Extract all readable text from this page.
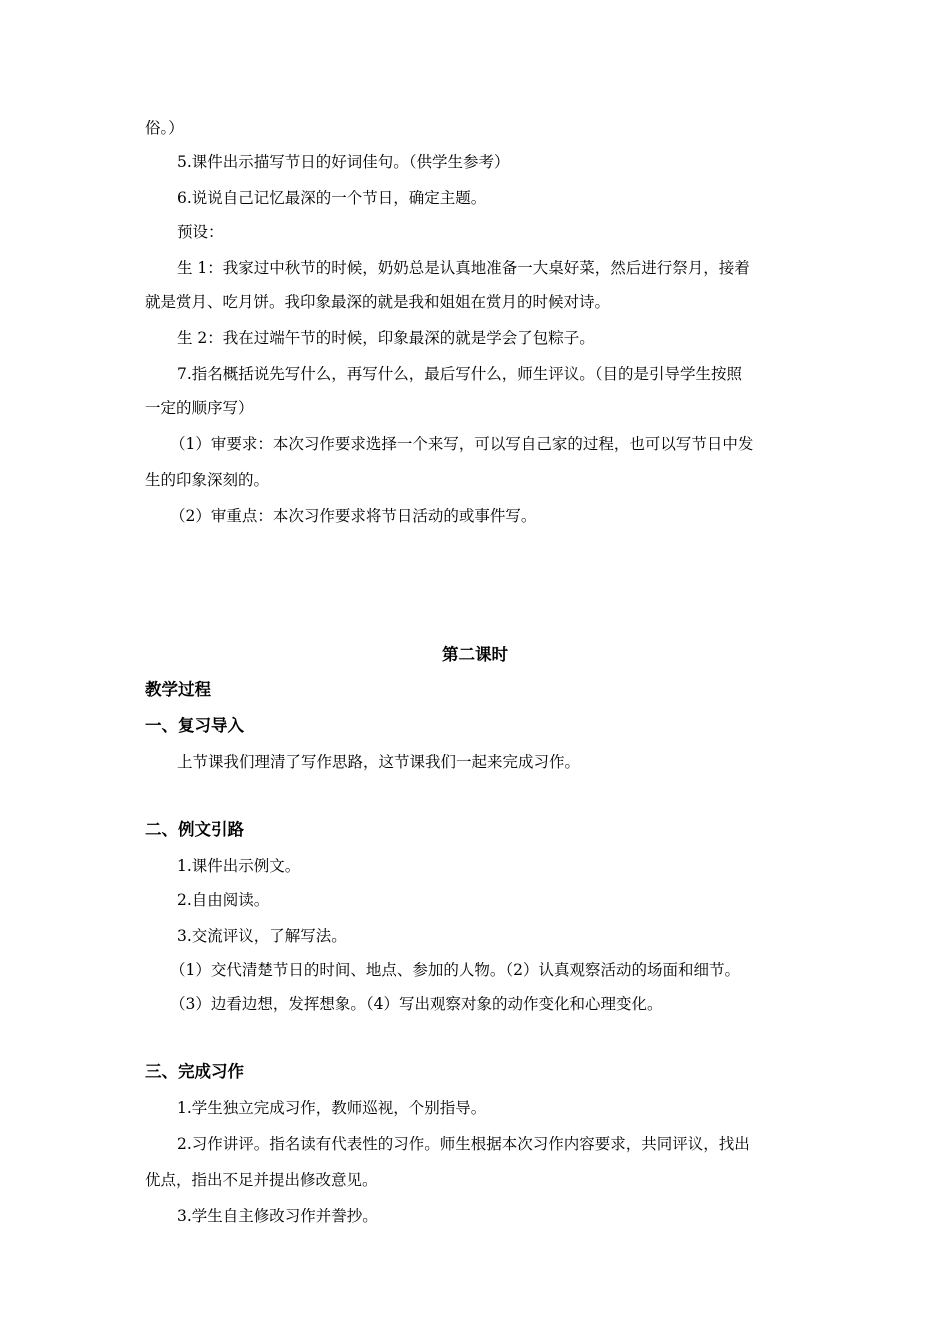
俗。）
5.课件出示描写节日的好词佳句。（供学生参考）
6.说说自己记忆最深的一个节日，确定主题。
预设：
生 1：我家过中秋节的时候，奶奶总是认真地准备一大桌好菜，然后进行祭月，接着
就是赏月、吃月饼。我印象最深的就是我和姐姐在赏月的时候对诗。
生 2：我在过端午节的时候，印象最深的就是学会了包粽子。
7.指名概括说先写什么，再写什么，最后写什么，师生评议。（目的是引导学生按照
一定的顺序写）
（1）审要求：本次习作要求选择一个来写，可以写自己家的过程，也可以写节日中发
生的印象深刻的。
（2）审重点：本次习作要求将节日活动的或事件写。
第二课时
教学过程
一、复习导入
上节课我们理清了写作思路，这节课我们一起来完成习作。
二、例文引路
1.课件出示例文。
2.自由阅读。
3.交流评议，了解写法。
（1）交代清楚节日的时间、地点、参加的人物。（2）认真观察活动的场面和细节。
（3）边看边想，发挥想象。（4）写出观察对象的动作变化和心理变化。
三、完成习作
1.学生独立完成习作，教师巡视，个别指导。
2.习作讲评。指名读有代表性的习作。师生根据本次习作内容要求，共同评议，找出
优点，指出不足并提出修改意见。
3.学生自主修改习作并誊抄。
